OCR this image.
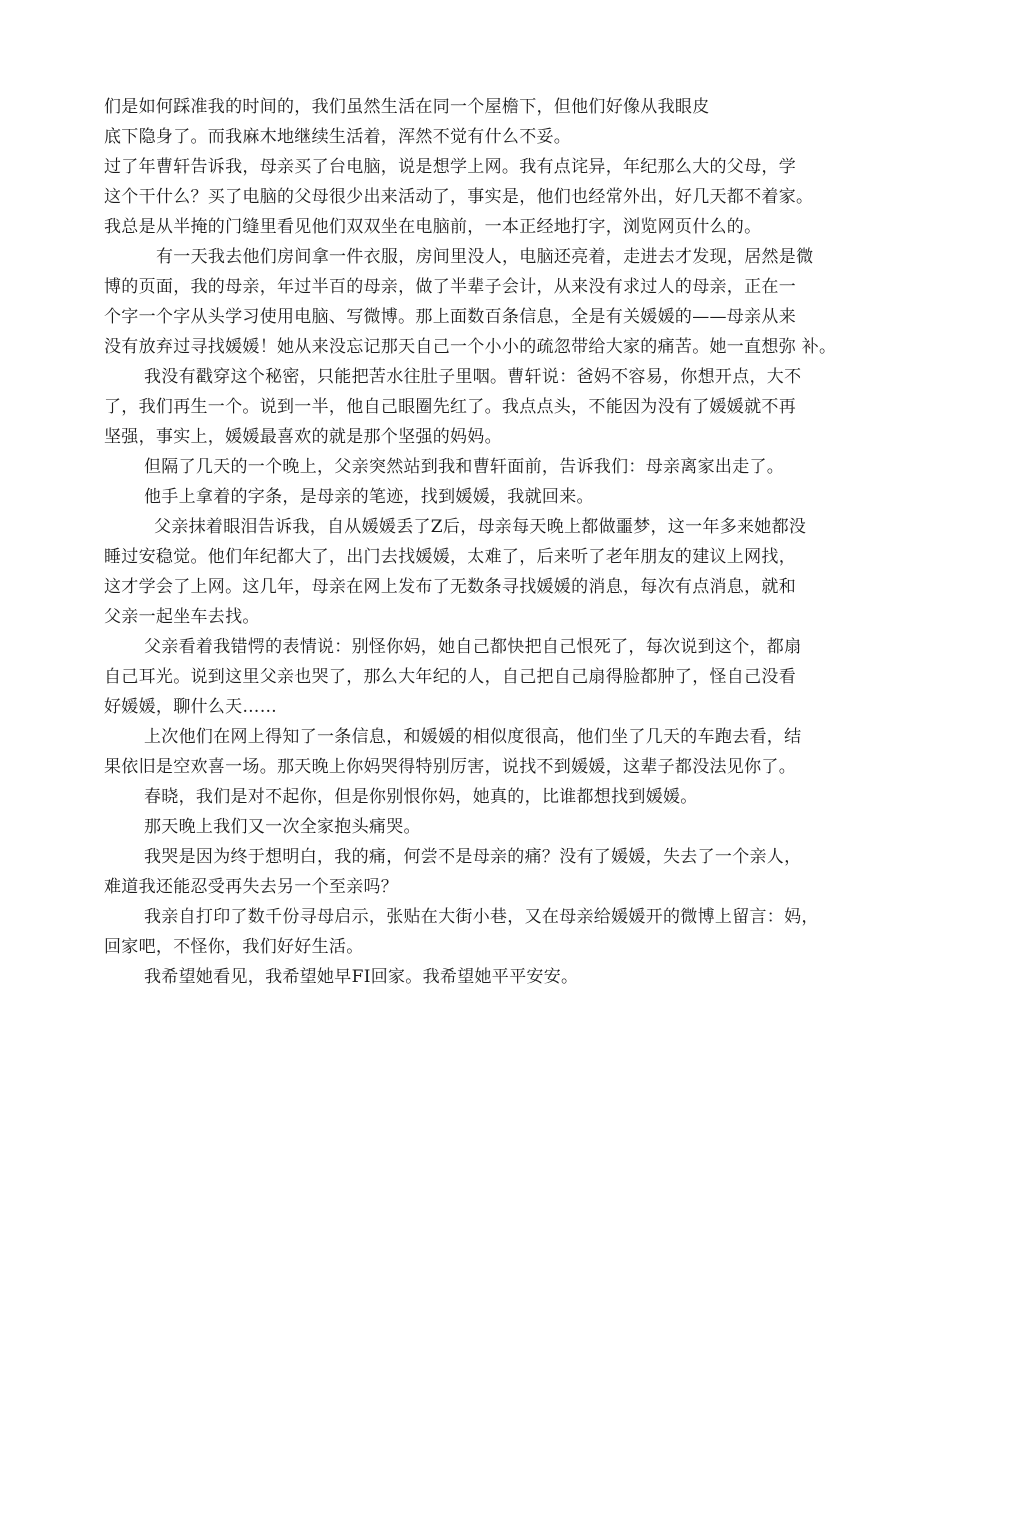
们是如何踩准我的时间的，我们虽然生活在同一个屋檐下，但他们好像从我眼皮
底下隐身了。而我麻木地继续生活着，浑然不觉有什么不妥。
过了年曹轩告诉我，母亲买了台电脑，说是想学上网。我有点诧异，年纪那么大的父母，学
这个干什么？买了电脑的父母很少出来活动了，事实是，他们也经常外出，好几天都不着家。
我总是从半掩的门缝里看见他们双双坐在电脑前，一本正经地打字，浏览网页什么的。
有一天我去他们房间拿一件衣服，房间里没人，电脑还亮着，走进去才发现，居然是微
博的页面，我的母亲，年过半百的母亲，做了半辈子会计，从来没有求过人的母亲，正在一
个字一个字从头学习使用电脑、写微博。那上面数百条信息，全是有关媛媛的——母亲从来
没有放弃过寻找媛媛！她从来没忘记那天自己一个小小的疏忽带给大家的痛苦。她一直想弥 补。
我没有戳穿这个秘密，只能把苦水往肚子里咽。曹轩说：爸妈不容易，你想开点，大不
了，我们再生一个。说到一半，他自己眼圈先红了。我点点头，不能因为没有了媛媛就不再
坚强，事实上，媛媛最喜欢的就是那个坚强的妈妈。
但隔了几天的一个晚上，父亲突然站到我和曹轩面前，告诉我们：母亲离家出走了。
他手上拿着的字条，是母亲的笔迹，找到媛媛，我就回来。
父亲抹着眼泪告诉我，自从媛媛丢了Z后，母亲每天晚上都做噩梦，这一年多来她都没
睡过安稳觉。他们年纪都大了，出门去找媛媛，太难了，后来听了老年朋友的建议上网找，
这才学会了上网。这几年，母亲在网上发布了无数条寻找媛媛的消息，每次有点消息，就和
父亲一起坐车去找。
父亲看着我错愕的表情说：别怪你妈，她自己都快把自己恨死了，每次说到这个，都扇
自己耳光。说到这里父亲也哭了，那么大年纪的人，自己把自己扇得脸都肿了，怪自己没看
好媛媛，聊什么天……
上次他们在网上得知了一条信息，和媛媛的相似度很高，他们坐了几天的车跑去看，结
果依旧是空欢喜一场。那天晚上你妈哭得特别厉害，说找不到媛媛，这辈子都没法见你了。
春晓，我们是对不起你，但是你别恨你妈，她真的，比谁都想找到媛媛。
那天晚上我们又一次全家抱头痛哭。
我哭是因为终于想明白，我的痛，何尝不是母亲的痛？没有了媛媛，失去了一个亲人，
难道我还能忍受再失去另一个至亲吗？
我亲自打印了数千份寻母启示，张贴在大街小巷，又在母亲给媛媛开的微博上留言：妈，
回家吧，不怪你，我们好好生活。
我希望她看见，我希望她早FI回家。我希望她平平安安。
